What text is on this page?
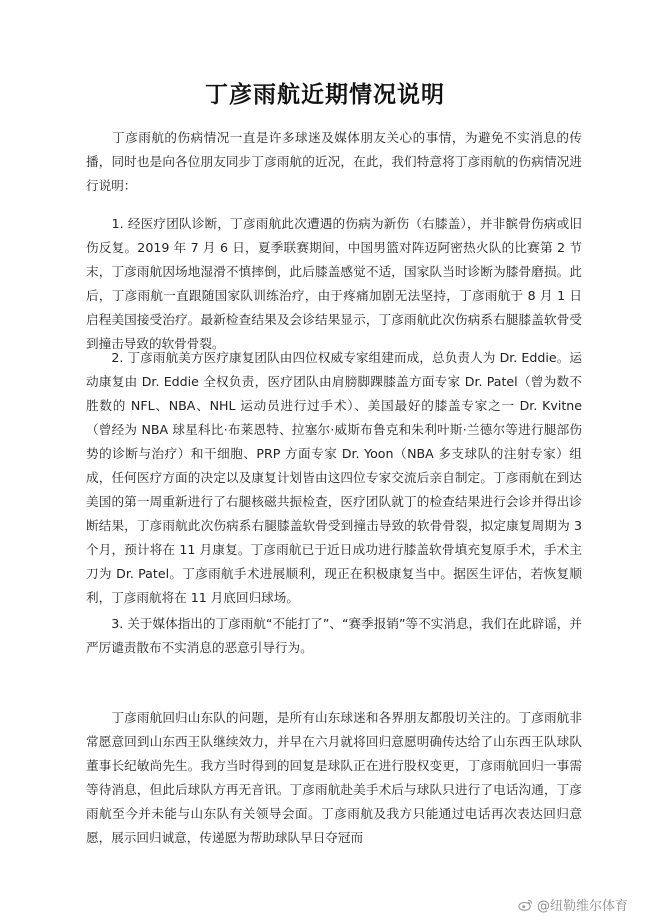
丁彦雨航近期情况说明

　　丁彦雨航的伤病情况一直是许多球迷及媒体朋友关心的事情，为避免不实消息的传播，同时也是向各位朋友同步丁彦雨航的近况，在此，我们特意将丁彦雨航的伤病情况进行说明：

　　1. 经医疗团队诊断，丁彦雨航此次遭遇的伤病为新伤（右膝盖），并非髌骨伤病或旧伤反复。2019 年 7 月 6 日，夏季联赛期间，中国男篮对阵迈阿密热火队的比赛第 2 节末，丁彦雨航因场地湿滑不慎摔倒，此后膝盖感觉不适，国家队当时诊断为膝骨磨损。此后，丁彦雨航一直跟随国家队训练治疗，由于疼痛加剧无法坚持，丁彦雨航于 8 月 1 日启程美国接受治疗。最新检查结果及会诊结果显示，丁彦雨航此次伤病系右腿膝盖软骨受到撞击导致的软骨骨裂。

　　2. 丁彦雨航美方医疗康复团队由四位权威专家组建而成，总负责人为 Dr. Eddie。运动康复由 Dr. Eddie 全权负责，医疗团队由肩膀脚踝膝盖方面专家 Dr. Patel（曾为数不胜数的 NFL、NBA、NHL 运动员进行过手术）、美国最好的膝盖专家之一 Dr. Kvitne（曾经为 NBA 球星科比·布莱恩特、拉塞尔·威斯布鲁克和朱利叶斯·兰德尔等进行腿部伤势的诊断与治疗）和干细胞、PRP 方面专家 Dr. Yoon（NBA 多支球队的注射专家）组成，任何医疗方面的决定以及康复计划皆由这四位专家交流后亲自制定。丁彦雨航在到达美国的第一周重新进行了右腿核磁共振检查，医疗团队就丁的检查结果进行会诊并得出诊断结果，丁彦雨航此次伤病系右腿膝盖软骨受到撞击导致的软骨骨裂，拟定康复周期为 3 个月，预计将在 11 月康复。丁彦雨航已于近日成功进行膝盖软骨填充复原手术，手术主刀为 Dr. Patel。丁彦雨航手术进展顺利，现正在积极康复当中。据医生评估，若恢复顺利，丁彦雨航将在 11 月底回归球场。

　　3. 关于媒体指出的丁彦雨航“不能打了”、“赛季报销”等不实消息，我们在此辟谣，并严厉谴责散布不实消息的恶意引导行为。

　　丁彦雨航回归山东队的问题，是所有山东球迷和各界朋友都殷切关注的。丁彦雨航非常愿意回到山东西王队继续效力，并早在六月就将回归意愿明确传达给了山东西王队球队董事长纪敏尚先生。我方当时得到的回复是球队正在进行股权变更，丁彦雨航回归一事需等待消息，但此后球队方再无音讯。丁彦雨航赴美手术后与球队只进行了电话沟通，丁彦雨航至今并未能与山东队有关领导会面。丁彦雨航及我方只能通过电话再次表达回归意愿，展示回归诚意，传递愿为帮助球队早日夺冠而

@纽勒维尔体育
